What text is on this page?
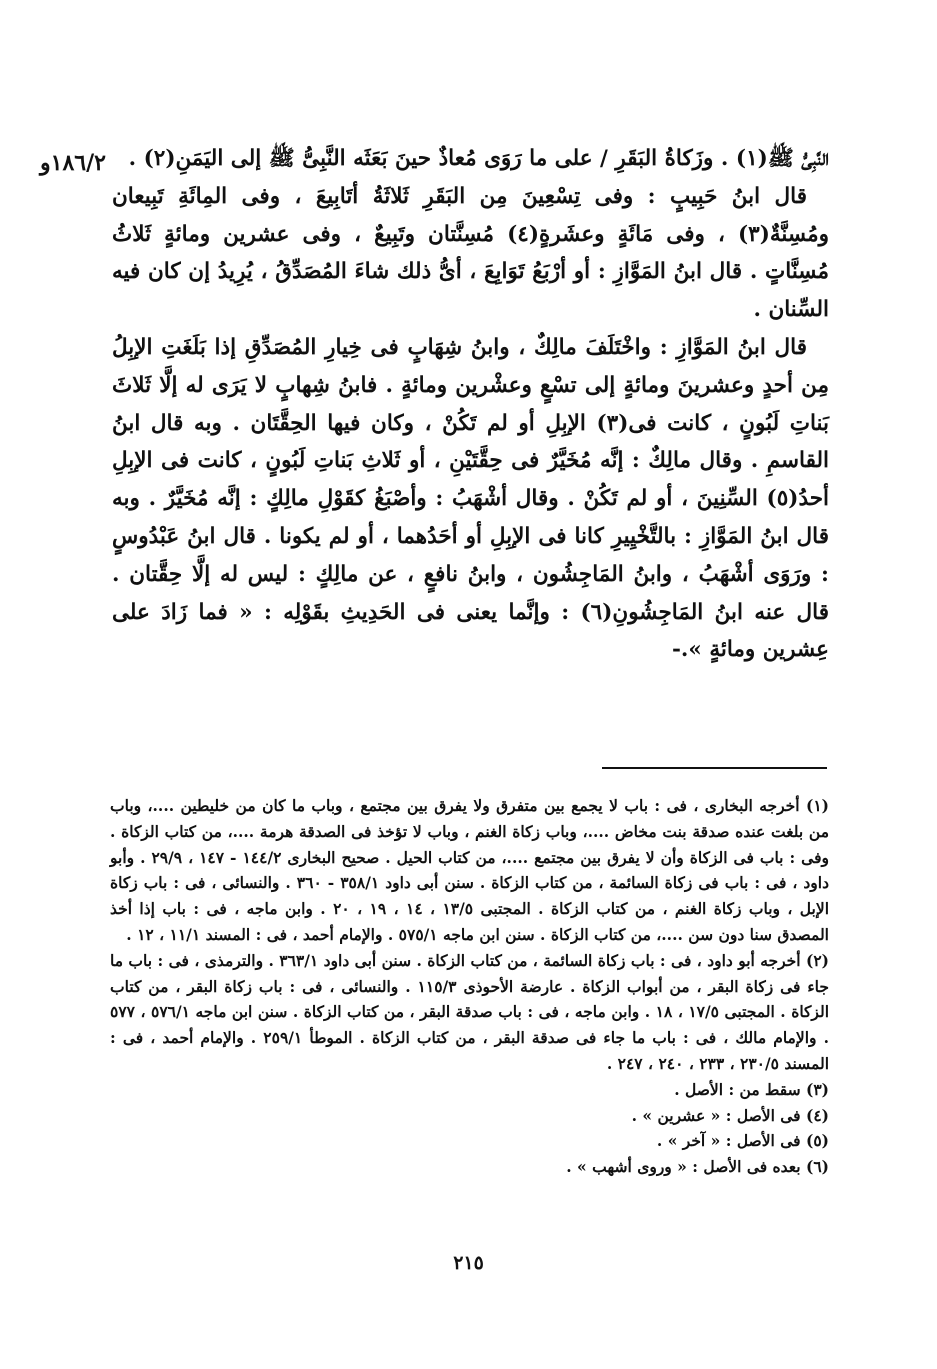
١٨٦/٢و	النَّبِىُّ ﷺ(١) . وزَكاةُ البَقَرِ / على ما رَوَى مُعاذٌ حينَ بَعَثَه النَّبِىُّ ﷺ إلى اليَمَنِ(٢) .

قال ابنُ حَبِيبٍ : وفى تِسْعِينَ مِن البَقَرِ ثَلاثَةُ أتَابِيعَ ، وفى المِائَةِ تَبِيعان ومُسِنَّةٌ(٣) ، وفى مَائَةٍ وعشَرةٍ(٤) مُسِنَّتان وتَبِيعٌ ، وفى عشرين ومائةٍ ثَلاثُ مُسِنَّاتٍ . قال ابنُ المَوَّازِ : أو أرْبَعُ تَوَابِعَ ، أىُّ ذلك شاءَ المُصَدِّقُ ، يُرِيدُ إن كان فيه السِّنان .

قال ابنُ المَوَّازِ : واخْتَلَفَ مالِكٌ ، وابنُ شِهَابٍ فى خِيارِ المُصَدِّقِ إذا بَلَغَتِ الإبِلُ مِن أحدٍ وعشرينَ ومائةٍ إلى تسْعٍ وعشْرين ومائةٍ . فابنُ شِهابٍ لا يَرَى له إلَّا ثَلاثَ بَناتِ لَبُونٍ ، كانت فى(٣) الإبِلِ أو لم تَكُنْ ، وكان فيها الحِقَّتَان . وبه قال ابنُ القاسمِ . وقال مالِكٌ : إنَّه مُخَيَّرٌ فى حِقَّتَيْنِ ، أو ثَلاثِ بَناتِ لَبُونٍ ، كانت فى الإبِلِ أحدُ(٥) السِّنِينَ ، أو لم تَكُنْ . وقال أشْهَبُ : وأصْبَغُ كقَوْلِ مالِكٍ : إنَّه مُخَيَّرٌ . وبه قال ابنُ المَوَّازِ : بالتَّخْيِيرِ كانا فى الإبِلِ أو أحَدُهما ، أو لم يكونا . قال ابنُ عَبْدُوسٍ : ورَوَى أشْهَبُ ، وابنُ المَاجِشُون ، وابنُ نافعٍ ، عن مالِكٍ : ليس له إلَّا حِقَّتان . قال عنه ابنُ المَاجِشُونِ(٦) : وإنَّما يعنى فى الحَدِيثِ بقَوْلِه : « فما زَادَ على عِشرين ومائةٍ ».-

(١) أخرجه البخارى ، فى : باب لا يجمع بين متفرق ولا يفرق بين مجتمع ، وباب ما كان من خليطين ....، وباب من بلغت عنده صدقة بنت مخاض ....، وباب زكاة الغنم ، وباب لا تؤخذ فى الصدقة هرمة ....، من كتاب الزكاة . وفى : باب فى الزكاة وأن لا يفرق بين مجتمع ....، من كتاب الحيل . صحيح البخارى ١٤٤/٢ - ١٤٧ ، ٢٩/٩ . وأبو داود ، فى : باب فى زكاة السائمة ، من كتاب الزكاة . سنن أبى داود ٣٥٨/١ - ٣٦٠ . والنسائى ، فى : باب زكاة الإبل ، وباب زكاة الغنم ، من كتاب الزكاة . المجتبى ١٣/٥ ، ١٤ ، ١٩ ، ٢٠ . وابن ماجه ، فى : باب إذا أخذ المصدق سنا دون سن ....، من كتاب الزكاة . سنن ابن ماجه ٥٧٥/١ . والإمام أحمد ، فى : المسند ١١/١ ، ١٢ .

(٢) أخرجه أبو داود ، فى : باب زكاة السائمة ، من كتاب الزكاة . سنن أبى داود ٣٦٣/١ . والترمذى ، فى : باب ما جاء فى زكاة البقر ، من أبواب الزكاة . عارضة الأحوذى ١١٥/٣ . والنسائى ، فى : باب زكاة البقر ، من كتاب الزكاة . المجتبى ١٧/٥ ، ١٨ . وابن ماجه ، فى : باب صدقة البقر ، من كتاب الزكاة . سنن ابن ماجه ٥٧٦/١ ، ٥٧٧ . والإمام مالك ، فى : باب ما جاء فى صدقة البقر ، من كتاب الزكاة . الموطأ ٢٥٩/١ . والإمام أحمد ، فى : المسند ٢٣٠/٥ ، ٢٣٣ ، ٢٤٠ ، ٢٤٧ .

(٣) سقط من : الأصل .

(٤) فى الأصل : « عشرين » .

(٥) فى الأصل : « آخر » .

(٦) بعده فى الأصل : « وروى أشهب » .

٢١٥
